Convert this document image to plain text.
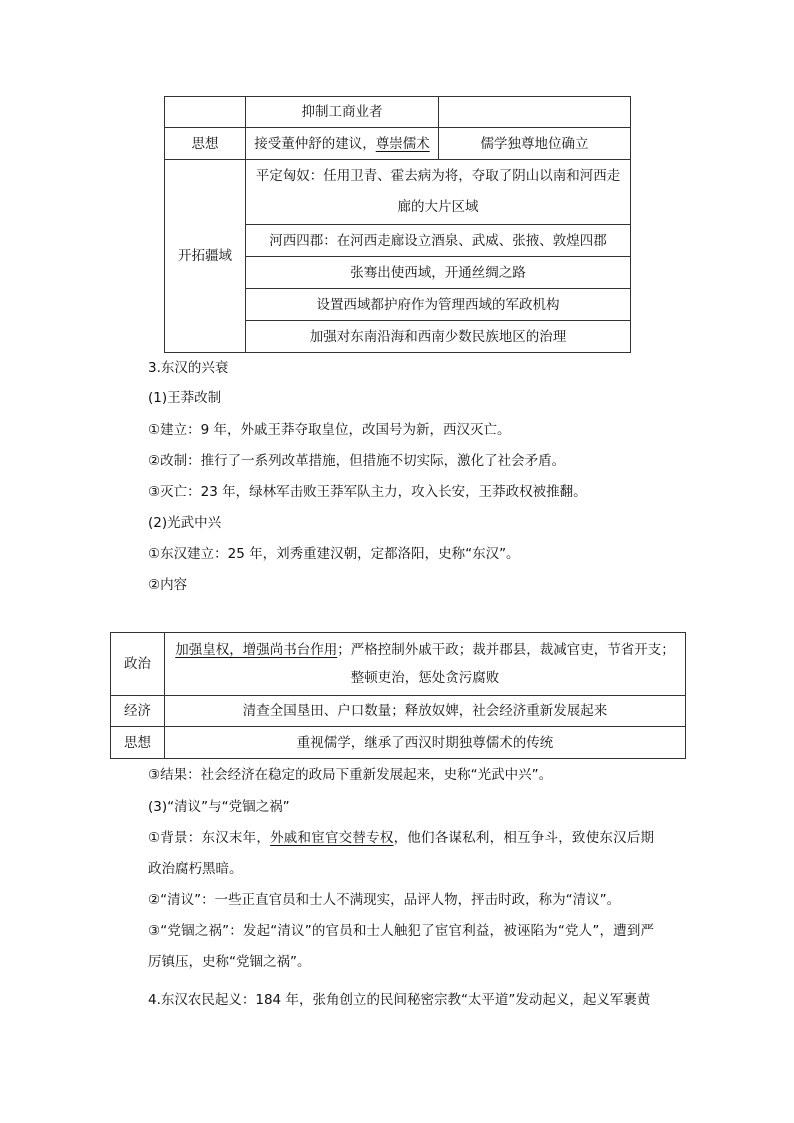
	抑制工商业者	
思想	接受董仲舒的建议，尊崇儒术	儒学独尊地位确立
开拓疆域	平定匈奴：任用卫青、霍去病为将，夺取了阴山以南和河西走廊的大片区域	
	河西四郡：在河西走廊设立酒泉、武威、张掖、敦煌四郡	
	张骞出使西域，开通丝绸之路	
	设置西域都护府作为管理西域的军政机构	
	加强对东南沿海和西南少数民族地区的治理	
3.东汉的兴衰
(1)王莽改制
①建立：9 年，外戚王莽夺取皇位，改国号为新，西汉灭亡。
②改制：推行了一系列改革措施，但措施不切实际，激化了社会矛盾。
③灭亡：23 年，绿林军击败王莽军队主力，攻入长安，王莽政权被推翻。
(2)光武中兴
①东汉建立：25 年，刘秀重建汉朝，定都洛阳，史称“东汉”。
②内容
政治	加强皇权，增强尚书台作用；严格控制外戚干政；裁并郡县，裁减官吏，节省开支；整顿吏治，惩处贪污腐败
经济	清查全国垦田、户口数量；释放奴婢，社会经济重新发展起来
思想	重视儒学，继承了西汉时期独尊儒术的传统
③结果：社会经济在稳定的政局下重新发展起来，史称“光武中兴”。
(3)“清议”与“党锢之祸”
①背景：东汉末年，外戚和宦官交替专权，他们各谋私利，相互争斗，致使东汉后期政治腐朽黑暗。
②“清议”：一些正直官员和士人不满现实，品评人物，抨击时政，称为“清议”。
③“党锢之祸”：发起“清议”的官员和士人触犯了宦官利益，被诬陷为“党人”，遭到严厉镇压，史称“党锢之祸”。
4.东汉农民起义：184 年，张角创立的民间秘密宗教“太平道”发动起义，起义军裹黄
